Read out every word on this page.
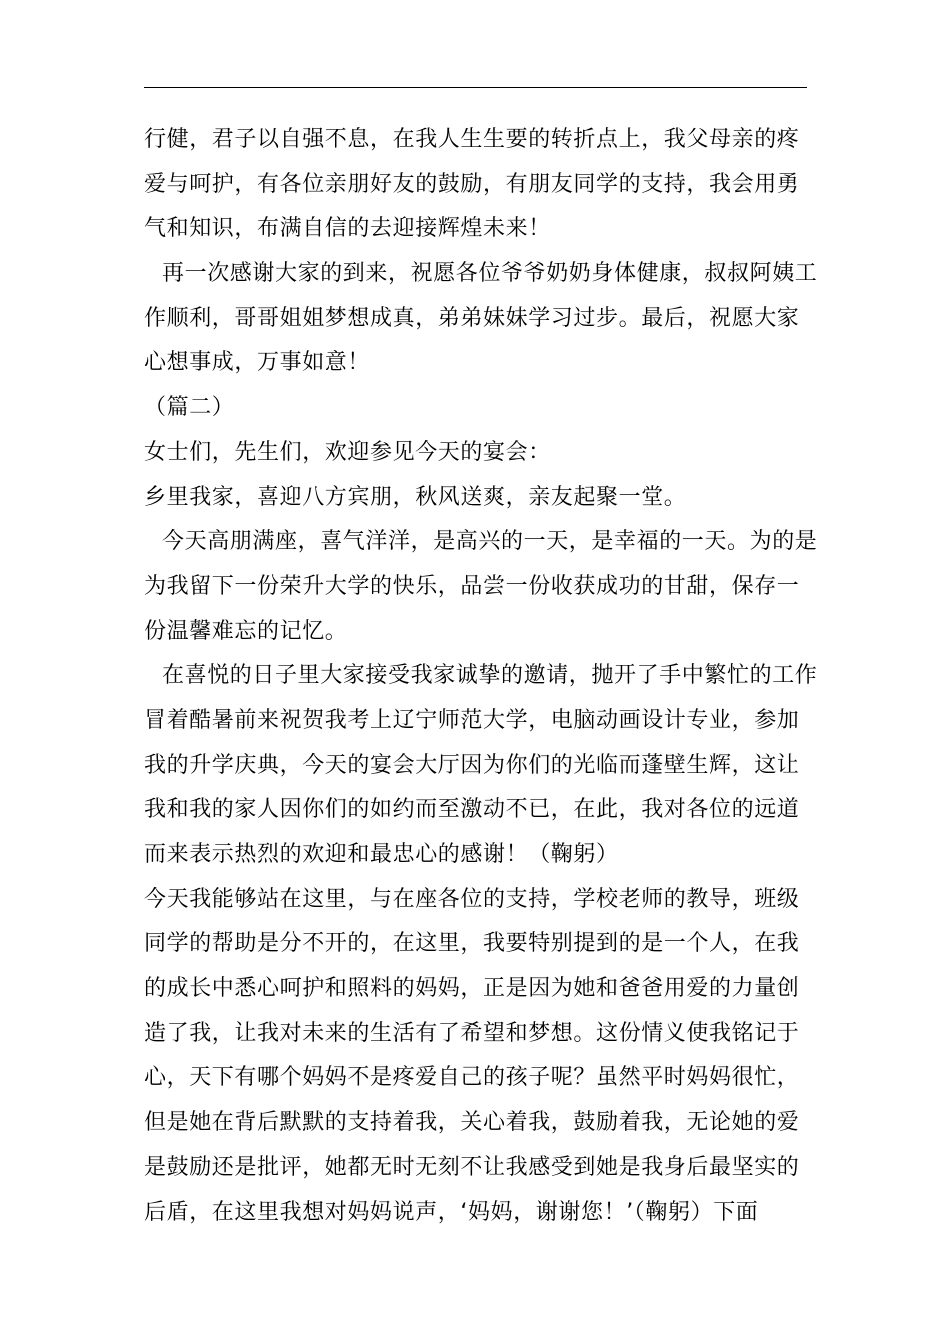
行健，君子以自强不息，在我人生生要的转折点上，我父母亲的疼
爱与呵护，有各位亲朋好友的鼓励，有朋友同学的支持，我会用勇
气和知识，布满自信的去迎接辉煌未来！
再一次感谢大家的到来，祝愿各位爷爷奶奶身体健康，叔叔阿姨工
作顺利，哥哥姐姐梦想成真，弟弟妹妹学习过步。最后，祝愿大家
心想事成，万事如意！
（篇二）
女士们，先生们，欢迎参见今天的宴会：
乡里我家，喜迎八方宾朋，秋风送爽，亲友起聚一堂。
今天高朋满座，喜气洋洋，是高兴的一天，是幸福的一天。为的是
为我留下一份荣升大学的快乐，品尝一份收获成功的甘甜，保存一
份温馨难忘的记忆。
在喜悦的日子里大家接受我家诚挚的邀请，抛开了手中繁忙的工作
冒着酷暑前来祝贺我考上辽宁师范大学，电脑动画设计专业，参加
我的升学庆典，今天的宴会大厅因为你们的光临而蓬壁生辉，这让
我和我的家人因你们的如约而至激动不已，在此，我对各位的远道
而来表示热烈的欢迎和最忠心的感谢！（鞠躬）
今天我能够站在这里，与在座各位的支持，学校老师的教导，班级
同学的帮助是分不开的，在这里，我要特别提到的是一个人，在我
的成长中悉心呵护和照料的妈妈，正是因为她和爸爸用爱的力量创
造了我，让我对未来的生活有了希望和梦想。这份情义使我铭记于
心，天下有哪个妈妈不是疼爱自己的孩子呢？虽然平时妈妈很忙，
但是她在背后默默的支持着我，关心着我，鼓励着我，无论她的爱
是鼓励还是批评，她都无时无刻不让我感受到她是我身后最坚实的
后盾，在这里我想对妈妈说声，‘妈妈，谢谢您！’（鞠躬）下面
